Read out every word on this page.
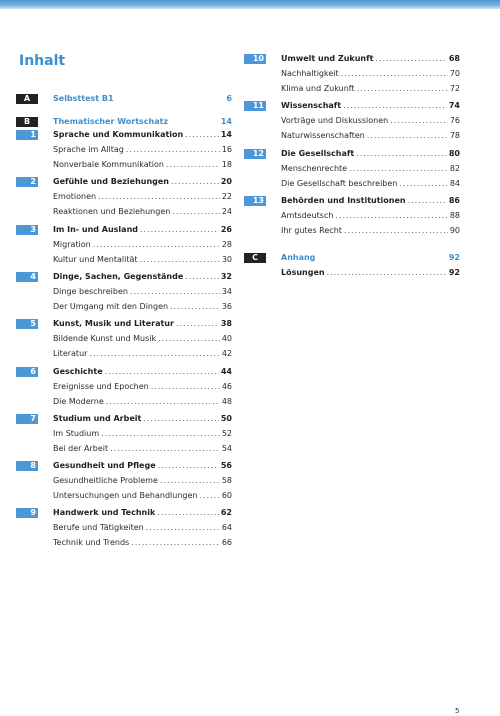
Inhalt
A	Selbsttest B1	6
B	Thematischer Wortschatz	14
1 Sprache und Kommunikation .....	14
Sprache im Alltag .....	16
Nonverbale Kommunikation .....	18
2 Gefühle und Beziehungen .....	20
Emotionen .....	22
Reaktionen und Beziehungen .....	24
3 Im In- und Ausland .....	26
Migration .....	28
Kultur und Mentalität .....	30
4 Dinge, Sachen, Gegenstände .....	32
Dinge beschreiben .....	34
Der Umgang mit den Dingen .....	36
5 Kunst, Musik und Literatur .....	38
Bildende Kunst und Musik .....	40
Literatur .....	42
6 Geschichte .....	44
Ereignisse und Epochen .....	46
Die Moderne .....	48
7 Studium und Arbeit .....	50
Im Studium .....	52
Bei der Arbeit .....	54
8 Gesundheit und Pflege .....	56
Gesundheitliche Probleme .....	58
Untersuchungen und Behandlungen .....	60
9 Handwerk und Technik .....	62
Berufe und Tätigkeiten .....	64
Technik und Trends .....	66
10 Umwelt und Zukunft .....	68
Nachhaltigkeit .....	70
Klima und Zukunft .....	72
11 Wissenschaft .....	74
Vorträge und Diskussionen .....	76
Naturwissenschaften .....	78
12 Die Gesellschaft .....	80
Menschenrechte .....	82
Die Gesellschaft beschreiben .....	84
13 Behörden und Institutionen .....	86
Amtsdeutsch .....	88
Ihr gutes Recht .....	90
C	Anhang	92
Lösungen .....	92
5
